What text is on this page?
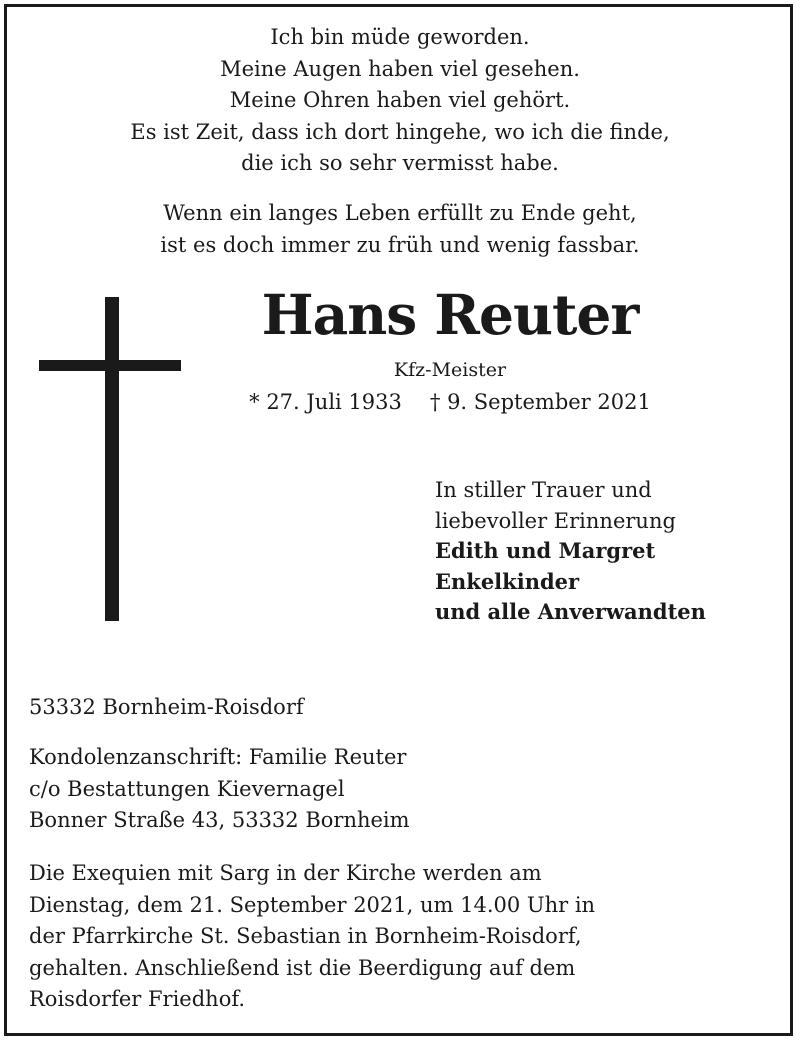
Ich bin müde geworden.
Meine Augen haben viel gesehen.
Meine Ohren haben viel gehört.
Es ist Zeit, dass ich dort hingehe, wo ich die finde,
die ich so sehr vermisst habe.
Wenn ein langes Leben erfüllt zu Ende geht,
ist es doch immer zu früh und wenig fassbar.
Hans Reuter
Kfz-Meister
* 27. Juli 1933 † 9. September 2021
In stiller Trauer und
liebevoller Erinnerung
Edith und Margret
Enkelkinder
und alle Anverwandten
53332 Bornheim-Roisdorf
Kondolenzanschrift: Familie Reuter
c/o Bestattungen Kievernagel
Bonner Straße 43, 53332 Bornheim
Die Exequien mit Sarg in der Kirche werden am
Dienstag, dem 21. September 2021, um 14.00 Uhr in
der Pfarrkirche St. Sebastian in Bornheim-Roisdorf,
gehalten. Anschließend ist die Beerdigung auf dem
Roisdorfer Friedhof.
